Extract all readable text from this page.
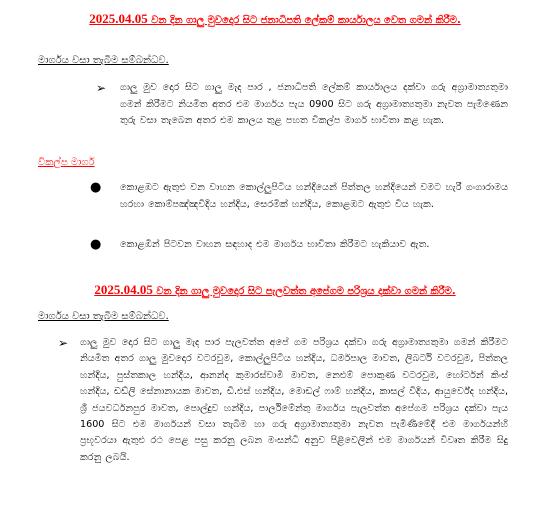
2025.04.05 වන දින ගාලු මුවදොර සිට ජනාධිපති ලේකම් කාර්යාලය වෙත ගමන් කිරීම.
මාර්ගය වසා තැබීම සම්බන්ධව.
➢ ගාලු මුව දොර සිට ගාලු මැද පාර , ජනාධිපති ලේකම් කාර්යාලය දක්වා ගරු අග්‍රාමාත්‍යතුමා ගමන් කිරීමට නියමිත අතර එම මාර්ගය පැය 0900 සිට ගරු අග්‍රාමාත්‍යතුමා නැවත පැමිණෙන තුරු වසා තැබෙන අතර එම කාලය තුළ පහත විකල්ප මාර්ග භාවිතා කළ හැක.
විකල්ප මාර්ග
● කොළඹට ඇතුළු වන වාහන කොල්ලුපිටිය හන්දියෙන් පිත්තල හන්දියෙන් වමට හැරී ගංගාරාමය හරහා කොම්පඤ්ඤවීදිය හන්දිය, සෙරමික් හන්දිය, කොළඹට ඇතුළු විය හැක.
● කොළඹින් පිටවන වාහන සඳහාද එම මාර්ගය භාවිතා කිරීමට හැකියාව ඇත.
2025.04.05 වන දින ගාලු මුවදොර සිට පැලවත්ත අපේගම පරිශ්‍රය දක්වා ගමන් කිරීම.
මාර්ගය වසා තැබීම සම්බන්ධව.
➢ ගාලු මුව දොර සිට ගාලු මැද පාර පැලවත්ත අපේ ගම පරිශ්‍රය දක්වා ගරු අග්‍රාමාත්‍යතුමා ගමන් කිරීමට නියමිත අතර ගාලු මුවදොර වටරවුම, කොල්ලුපිටිය හන්දිය, ධර්මපාල මාවත, ලිබර්ටි වටරවුම, පිත්තල හන්දිය, පුස්තකාල හන්දිය, ආනන්ද කුමාරස්වාමි මාවත, නෙළුම් පොකුණ වටරවුම, හෝර්ටන් කිංස් හන්දිය, ඩඩ්ලි සේනානායක මාවත, ඩී.එස් හන්දිය, මොඩල් ෆාම් හන්දිය, කාසල් වීදිය, ආයුර්වේද හන්දිය, ශ්‍රී ජයවර්ධනපුර මාවත, පොල්දුව හන්දිය, පාර්ලිමේන්තු මාර්ගය පැලවත්ත අපේගම පරිශ්‍රය දක්වා පැය 1600 සිට එම මාර්ගයන් වසා තැබීම හා ගරු අග්‍රාමාත්‍යතුමා නැවත පැමිණීමේදී එම මාර්ගයන්හි ප්‍රභූවරයා ඇතුළු රථ පෙළ පසු කරනු ලබන මංසන්ධි අනුව පිළිවෙලින් එම මාර්ගයන් විවෘත කිරීම සිදු කරනු ලබයි.
